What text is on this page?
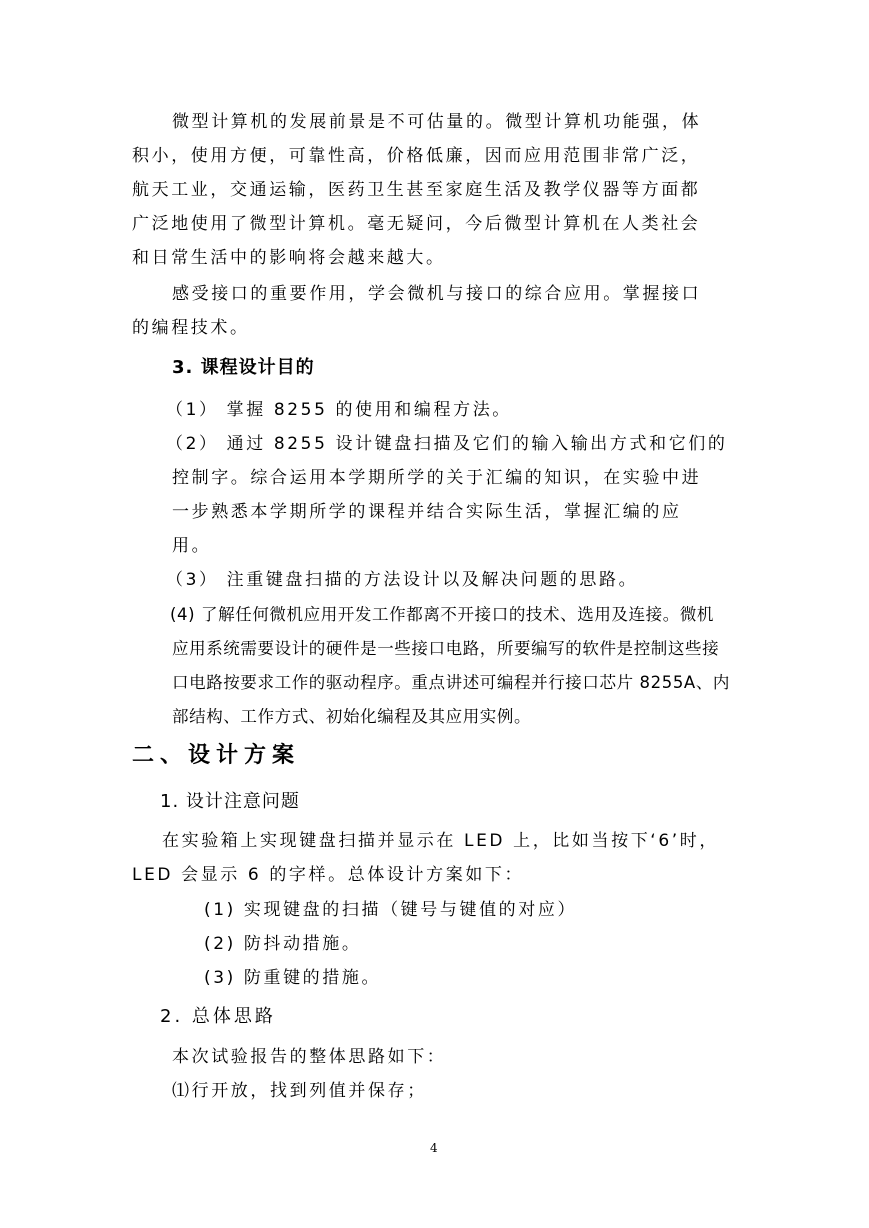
微型计算机的发展前景是不可估量的。微型计算机功能强，体
积小，使用方便，可靠性高，价格低廉，因而应用范围非常广泛，
航天工业，交通运输，医药卫生甚至家庭生活及教学仪器等方面都
广泛地使用了微型计算机。毫无疑问，今后微型计算机在人类社会
和日常生活中的影响将会越来越大。
感受接口的重要作用，学会微机与接口的综合应用。掌握接口
的编程技术。
3. 课程设计目的
（1） 掌握 8255 的使用和编程方法。
（2） 通过 8255 设计键盘扫描及它们的输入输出方式和它们的
控制字。综合运用本学期所学的关于汇编的知识，在实验中进
一步熟悉本学期所学的课程并结合实际生活，掌握汇编的应
用。
（3） 注重键盘扫描的方法设计以及解决问题的思路。
(4) 了解任何微机应用开发工作都离不开接口的技术、选用及连接。微机
应用系统需要设计的硬件是一些接口电路，所要编写的软件是控制这些接
口电路按要求工作的驱动程序。重点讲述可编程并行接口芯片 8255A、内
部结构、工作方式、初始化编程及其应用实例。
二、设计方案
1. 设计注意问题
在实验箱上实现键盘扫描并显示在 LED 上，比如当按下‘6’时，
LED 会显示 6 的字样。总体设计方案如下：
(1) 实现键盘的扫描（键号与键值的对应）
(2) 防抖动措施。
(3) 防重键的措施。
2. 总体思路
本次试验报告的整体思路如下：
⑴行开放，找到列值并保存；
4
